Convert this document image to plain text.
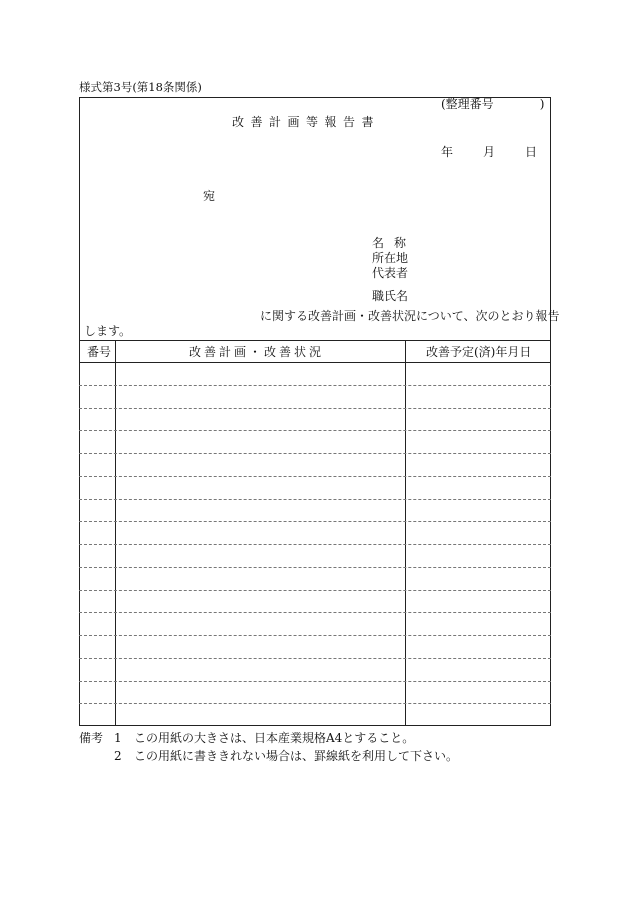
様式第3号(第18条関係)
(整理番号	)
改善計画等報告書
年	月	日
宛
名称
所在地
代表者
職氏名
に関する改善計画・改善状況について、次のとおり報告
します。
番号	改善計画・改善状況	改善予定(済)年月日
備考 1 この用紙の大きさは、日本産業規格A4とすること。
2 この用紙に書ききれない場合は、罫線紙を利用して下さい。
